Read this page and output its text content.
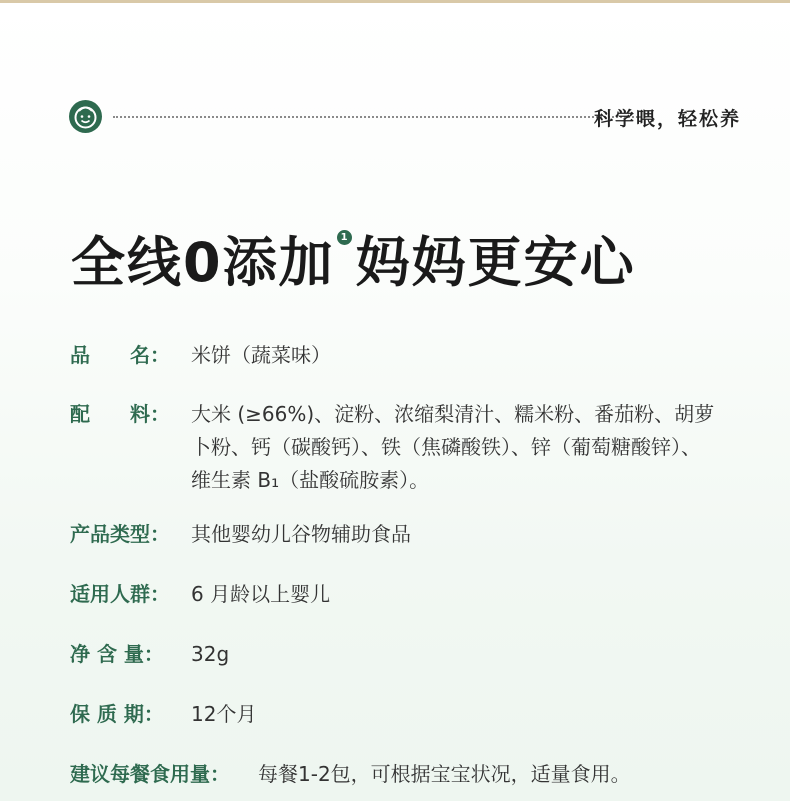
科学喂，轻松养
全线0添加 1 妈妈更安心
品　　名： 米饼（蔬菜味）
配　　料： 大米 (≥66%)、淀粉、浓缩梨清汁、糯米粉、番茄粉、胡萝卜粉、钙（碳酸钙）、铁（焦磷酸铁）、锌（葡萄糖酸锌）、维生素 B₁（盐酸硫胺素）。
产品类型： 其他婴幼儿谷物辅助食品
适用人群： 6 月龄以上婴儿
净 含 量： 32g
保 质 期： 12个月
建议每餐食用量： 每餐1-2包，可根据宝宝状况，适量食用。
